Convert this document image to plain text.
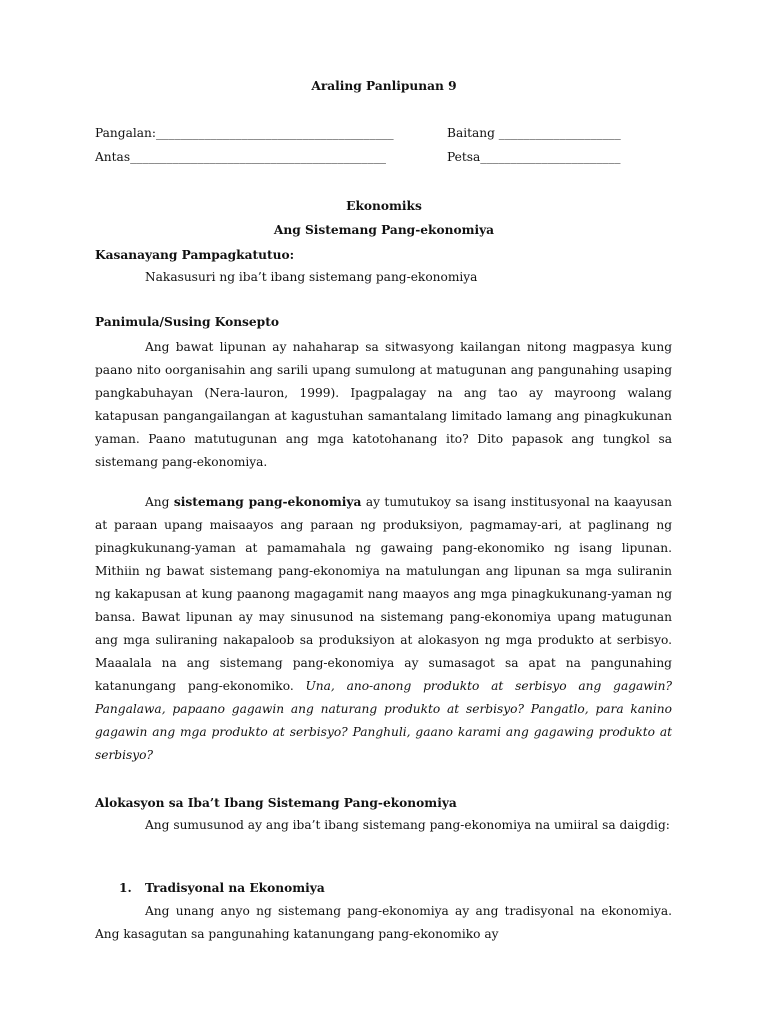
Araling Panlipunan 9
Pangalan:_______________________________________	Baitang ____________________
Antas__________________________________________	Petsa_______________________
Ekonomiks
Ang Sistemang Pang-ekonomiya
Kasanayang Pampagkatutuo:
Nakasusuri ng iba’t ibang sistemang pang-ekonomiya
Panimula/Susing Konsepto

Ang bawat lipunan ay nahaharap sa sitwasyong kailangan nitong magpasya kung paano nito oorganisahin ang sarili upang sumulong at matugunan ang pangunahing usaping pangkabuhayan (Nera-lauron, 1999). Ipagpalagay na ang tao ay mayroong walang katapusan pangangailangan at kagustuhan samantalang limitado lamang ang pinagkukunan yaman. Paano matutugunan ang mga katotohanang ito? Dito papasok ang tungkol sa sistemang pang-ekonomiya.

Ang sistemang pang-ekonomiya ay tumutukoy sa isang institusyonal na kaayusan at paraan upang maisaayos ang paraan ng produksiyon, pagmamay-ari, at paglinang ng pinagkukunang-yaman at pamamahala ng gawaing pang-ekonomiko ng isang lipunan. Mithiin ng bawat sistemang pang-ekonomiya na matulungan ang lipunan sa mga suliranin ng kakapusan at kung paanong magagamit nang maayos ang mga pinagkukunang-yaman ng bansa. Bawat lipunan ay may sinusunod na sistemang pang-ekonomiya upang matugunan ang mga suliraning nakapaloob sa produksiyon at alokasyon ng mga produkto at serbisyo. Maaalala na ang sistemang pang-ekonomiya ay sumasagot sa apat na pangunahing katanungang pang-ekonomiko. Una, ano-anong produkto at serbisyo ang gagawin? Pangalawa, papaano gagawin ang naturang produkto at serbisyo? Pangatlo, para kanino gagawin ang mga produkto at serbisyo? Panghuli, gaano karami ang gagawing produkto at serbisyo?

Alokasyon sa Iba’t Ibang Sistemang Pang-ekonomiya

Ang sumusunod ay ang iba’t ibang sistemang pang-ekonomiya na umiiral sa daigdig:

1. Tradisyonal na Ekonomiya

Ang unang anyo ng sistemang pang-ekonomiya ay ang tradisyonal na ekonomiya. Ang kasagutan sa pangunahing katanungang pang-ekonomiko ay
